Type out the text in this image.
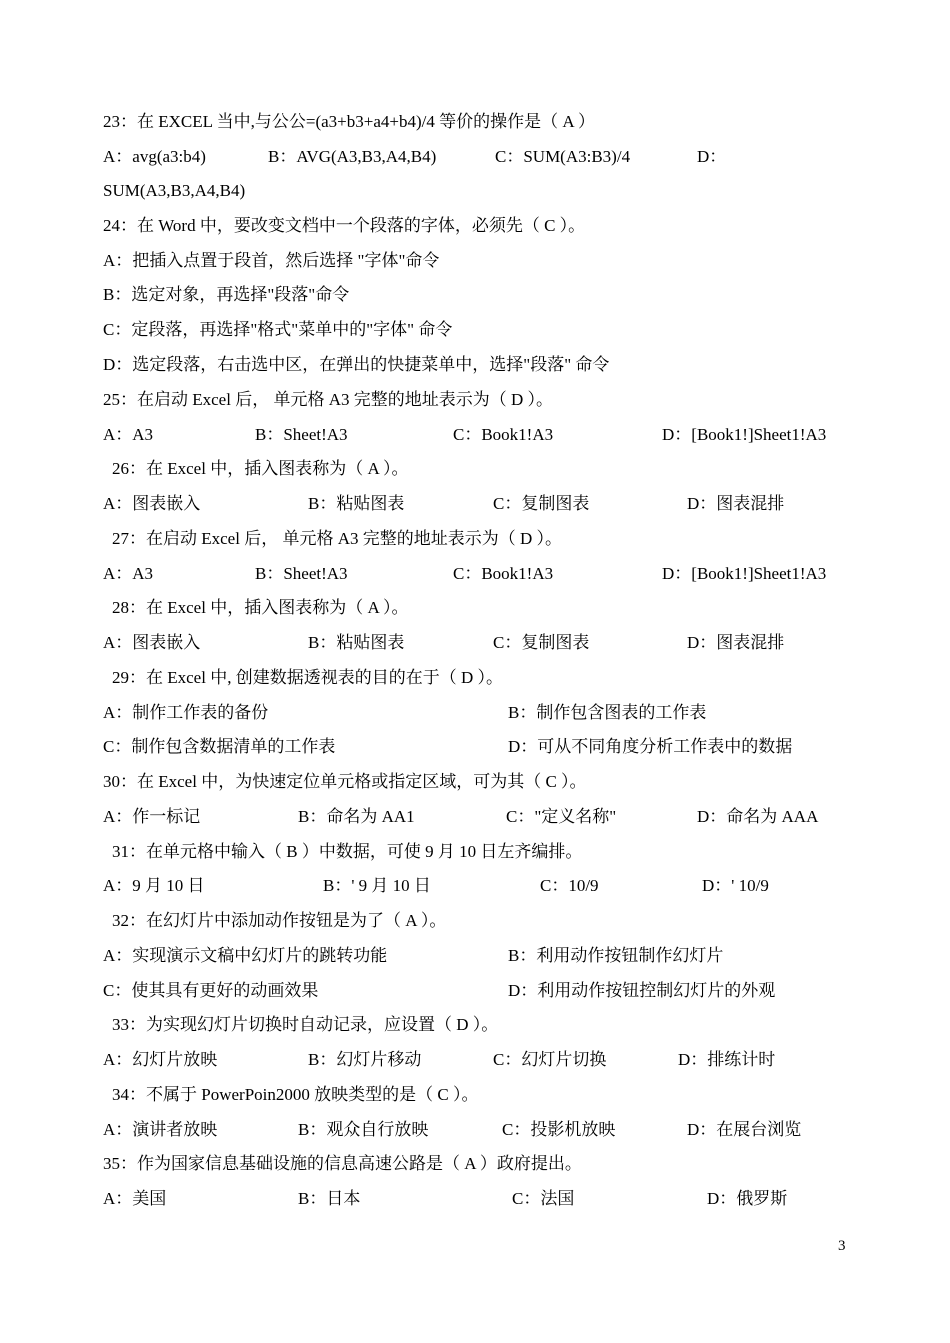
23：在 EXCEL 当中,与公公=(a3+b3+a4+b4)/4 等价的操作是（ A ）
A：avg(a3:b4)	B：AVG(A3,B3,A4,B4)	C：SUM(A3:B3)/4	D：
SUM(A3,B3,A4,B4)
24：在 Word 中，要改变文档中一个段落的字体，必须先（ C ）。
A：把插入点置于段首，然后选择 "字体"命令
B：选定对象，再选择"段落"命令
C：定段落，再选择"格式"菜单中的"字体" 命令
D：选定段落，右击选中区，在弹出的快捷菜单中，选择"段落" 命令
25：在启动 Excel 后， 单元格 A3 完整的地址表示为（ D ）。
A：A3	B：Sheet!A3	C：Book1!A3	D：[Book1!]Sheet1!A3
26：在 Excel 中，插入图表称为（ A ）。
A：图表嵌入	B：粘贴图表	C：复制图表	D：图表混排
27：在启动 Excel 后， 单元格 A3 完整的地址表示为（ D ）。
A：A3	B：Sheet!A3	C：Book1!A3	D：[Book1!]Sheet1!A3
28：在 Excel 中，插入图表称为（ A ）。
A：图表嵌入	B：粘贴图表	C：复制图表	D：图表混排
29：在 Excel 中, 创建数据透视表的目的在于（ D ）。
A：制作工作表的备份	B：制作包含图表的工作表
C：制作包含数据清单的工作表	D：可从不同角度分析工作表中的数据
30：在 Excel 中，为快速定位单元格或指定区域，可为其（ C ）。
A：作一标记	B：命名为 AA1	C："定义名称"	D：命名为 AAA
31：在单元格中输入（ B ）中数据，可使 9 月 10 日左齐编排。
A：9 月 10 日	B：' 9 月 10 日	C：10/9	D：' 10/9
32：在幻灯片中添加动作按钮是为了（ A ）。
A：实现演示文稿中幻灯片的跳转功能	B：利用动作按钮制作幻灯片
C：使其具有更好的动画效果	D：利用动作按钮控制幻灯片的外观
33：为实现幻灯片切换时自动记录，应设置（ D ）。
A：幻灯片放映	B：幻灯片移动	C：幻灯片切换	D：排练计时
34：不属于 PowerPoin2000 放映类型的是（ C ）。
A：演讲者放映	B：观众自行放映	C：投影机放映	D：在展台浏览
35：作为国家信息基础设施的信息高速公路是（ A ）政府提出。
A：美国	B：日本	C：法国	D：俄罗斯
3
